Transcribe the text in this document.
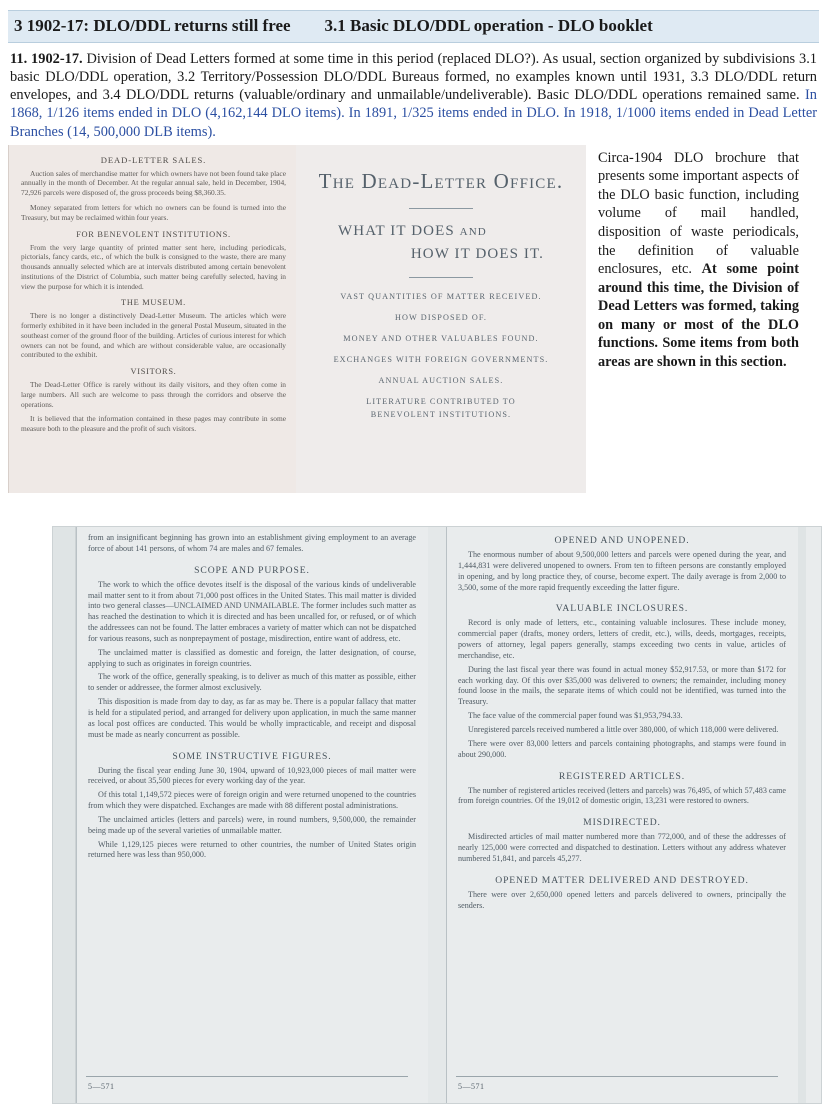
3 1902-17: DLO/DDL returns still free 3.1 Basic DLO/DDL operation - DLO booklet
11. 1902-17. Division of Dead Letters formed at some time in this period (replaced DLO?). As usual, section organized by subdivisions 3.1 basic DLO/DDL operation, 3.2 Territory/Possession DLO/DDL Bureaus formed, no examples known until 1931, 3.3 DLO/DDL return envelopes, and 3.4 DLO/DDL returns (valuable/ordinary and unmailable/undeliverable). Basic DLO/DDL operations remained same. In 1868, 1/126 items ended in DLO (4,162,144 DLO items). In 1891, 1/325 items ended in DLO. In 1918, 1/1000 items ended in Dead Letter Branches (14, 500,000 DLB items).
DEAD-LETTER SALES.
Auction sales of merchandise matter for which owners have not been found take place annually in the month of December. At the regular annual sale, held in December, 1904, 72,926 parcels were disposed of, the gross proceeds being $8,360.35.
Money separated from letters for which no owners can be found is turned into the Treasury, but may be reclaimed within four years.
FOR BENEVOLENT INSTITUTIONS.
From the very large quantity of printed matter sent here, including periodicals, pictorials, fancy cards, etc., of which the bulk is consigned to the waste, there are many thousands annually selected which are at intervals distributed among certain benevolent institutions of the District of Columbia, such matter being carefully selected, having in view the purpose for which it is intended.
THE MUSEUM.
There is no longer a distinctively Dead-Letter Museum. The articles which were formerly exhibited in it have been included in the general Postal Museum, situated in the southeast corner of the ground floor of the building. Articles of curious interest for which owners can not be found, and which are without considerable value, are occasionally contributed to the exhibit.
VISITORS.
The Dead-Letter Office is rarely without its daily visitors, and they often come in large numbers. All such are welcome to pass through the corridors and observe the operations.
It is believed that the information contained in these pages may contribute in some measure both to the pleasure and the profit of such visitors.
The Dead-Letter Office.
WHAT IT DOES and
HOW IT DOES IT.
VAST QUANTITIES OF MATTER RECEIVED.
HOW DISPOSED OF.
MONEY AND OTHER VALUABLES FOUND.
EXCHANGES WITH FOREIGN GOVERNMENTS.
ANNUAL AUCTION SALES.
LITERATURE CONTRIBUTED TO
BENEVOLENT INSTITUTIONS.
Circa-1904 DLO brochure that presents some important aspects of the DLO basic function, including volume of mail handled, disposition of waste periodicals, the definition of valuable enclosures, etc. At some point around this time, the Division of Dead Letters was formed, taking on many or most of the DLO functions. Some items from both areas are shown in this section.
from an insignificant beginning has grown into an establishment giving employment to an average force of about 141 persons, of whom 74 are males and 67 females.
SCOPE AND PURPOSE.
The work to which the office devotes itself is the disposal of the various kinds of undeliverable mail matter sent to it from about 71,000 post offices in the United States. This mail matter is divided into two general classes—UNCLAIMED AND UNMAILABLE. The former includes such matter as has reached the destination to which it is directed and has been uncalled for, or refused, or of which the addressees can not be found. The latter embraces a variety of matter which can not be dispatched for various reasons, such as nonprepayment of postage, misdirection, entire want of address, etc.
The unclaimed matter is classified as domestic and foreign, the latter designation, of course, applying to such as originates in foreign countries.
The work of the office, generally speaking, is to deliver as much of this matter as possible, either to sender or addressee, the former almost exclusively.
This disposition is made from day to day, as far as may be. There is a popular fallacy that matter is held for a stipulated period, and arranged for delivery upon application, in much the same manner as local post offices are conducted. This would be wholly impracticable, and receipt and disposal must be made as nearly concurrent as possible.
SOME INSTRUCTIVE FIGURES.
During the fiscal year ending June 30, 1904, upward of 10,923,000 pieces of mail matter were received, or about 35,500 pieces for every working day of the year.
Of this total 1,149,572 pieces were of foreign origin and were returned unopened to the countries from which they were dispatched. Exchanges are made with 88 different postal administrations.
The unclaimed articles (letters and parcels) were, in round numbers, 9,500,000, the remainder being made up of the several varieties of unmailable matter.
While 1,129,125 pieces were returned to other countries, the number of United States origin returned here was less than 950,000.
5—571
OPENED AND UNOPENED.
The enormous number of about 9,500,000 letters and parcels were opened during the year, and 1,444,831 were delivered unopened to owners. From ten to fifteen persons are constantly employed in opening, and by long practice they, of course, become expert. The daily average is from 2,000 to 3,500, some of the more rapid frequently exceeding the latter figure.
VALUABLE INCLOSURES.
Record is only made of letters, etc., containing valuable inclosures. These include money, commercial paper (drafts, money orders, letters of credit, etc.), wills, deeds, mortgages, receipts, powers of attorney, legal papers generally, stamps exceeding two cents in value, articles of merchandise, etc.
During the last fiscal year there was found in actual money $52,917.53, or more than $172 for each working day. Of this over $35,000 was delivered to owners; the remainder, including money found loose in the mails, the separate items of which could not be identified, was turned into the Treasury.
The face value of the commercial paper found was $1,953,794.33.
Unregistered parcels received numbered a little over 380,000, of which 118,000 were delivered.
There were over 83,000 letters and parcels containing photographs, and stamps were found in about 290,000.
REGISTERED ARTICLES.
The number of registered articles received (letters and parcels) was 76,495, of which 57,483 came from foreign countries. Of the 19,012 of domestic origin, 13,231 were restored to owners.
MISDIRECTED.
Misdirected articles of mail matter numbered more than 772,000, and of these the addresses of nearly 125,000 were corrected and dispatched to destination. Letters without any address whatever numbered 51,841, and parcels 45,277.
OPENED MATTER DELIVERED AND DESTROYED.
There were over 2,650,000 opened letters and parcels delivered to owners, principally the senders.
5—571
